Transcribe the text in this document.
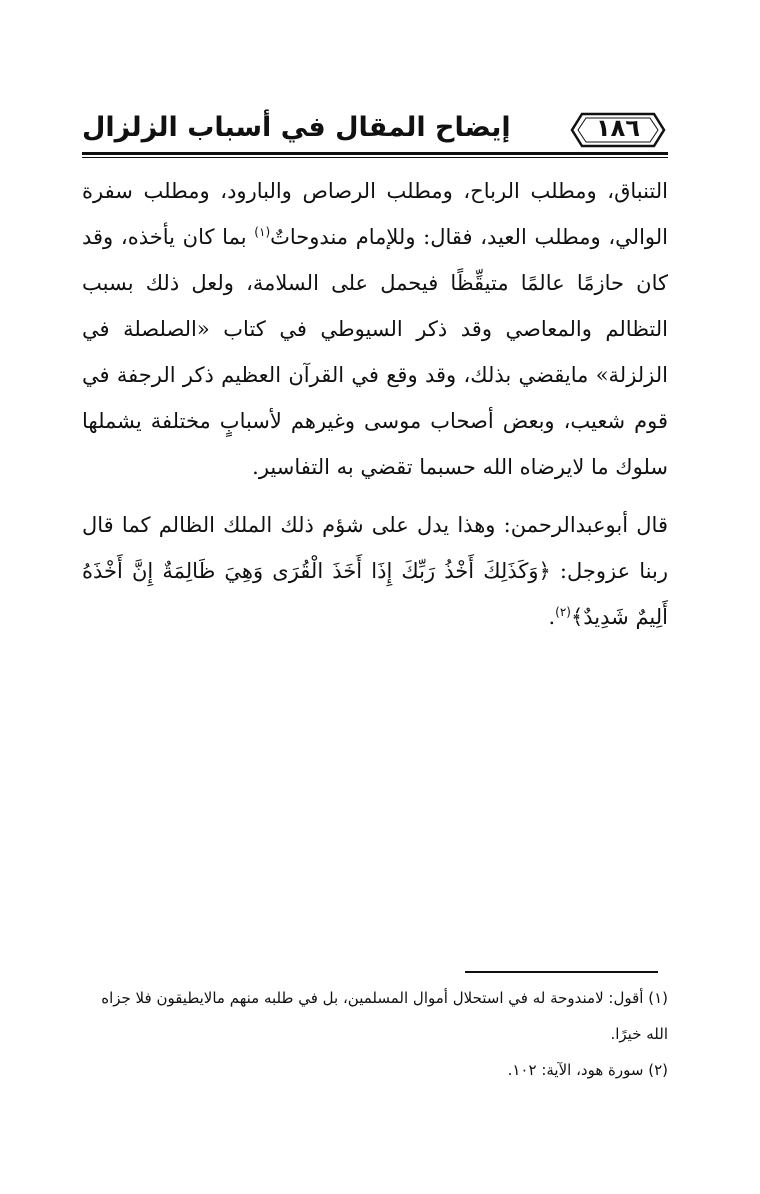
١٨٦
إيضاح المقال في أسباب الزلزال

التنباق، ومطلب الرباح، ومطلب الرصاص والبارود، ومطلب سفرة الوالي، ومطلب العيد، فقال: وللإمام مندوحاتٌ$^{(١)}$ بما كان يأخذه، وقد كان حازمًا عالمًا متيقِّظًا فيحمل على السلامة، ولعل ذلك بسبب التظالم والمعاصي وقد ذكر السيوطي في كتاب «الصلصلة في الزلزلة» مايقضي بذلك، وقد وقع في القرآن العظيم ذكر الرجفة في قوم شعيب، وبعض أصحاب موسى وغيرهم لأسبابٍ مختلفة يشملها سلوك ما لايرضاه الله حسبما تقضي به التفاسير.

قال أبوعبدالرحمن: وهذا يدل على شؤم ذلك الملك الظالم كما قال ربنا عزوجل: ﴿وَكَذَلِكَ أَخْذُ رَبِّكَ إِذَا أَخَذَ الْقُرَى وَهِيَ ظَالِمَةٌ إِنَّ أَخْذَهُ أَلِيمٌ شَدِيدٌ﴾$^{(٢)}$.

(١) أقول: لامندوحة له في استحلال أموال المسلمين، بل في طلبه منهم مالايطيقون فلا جزاه الله خيرًا.

(٢) سورة هود، الآية: ١٠٢.
